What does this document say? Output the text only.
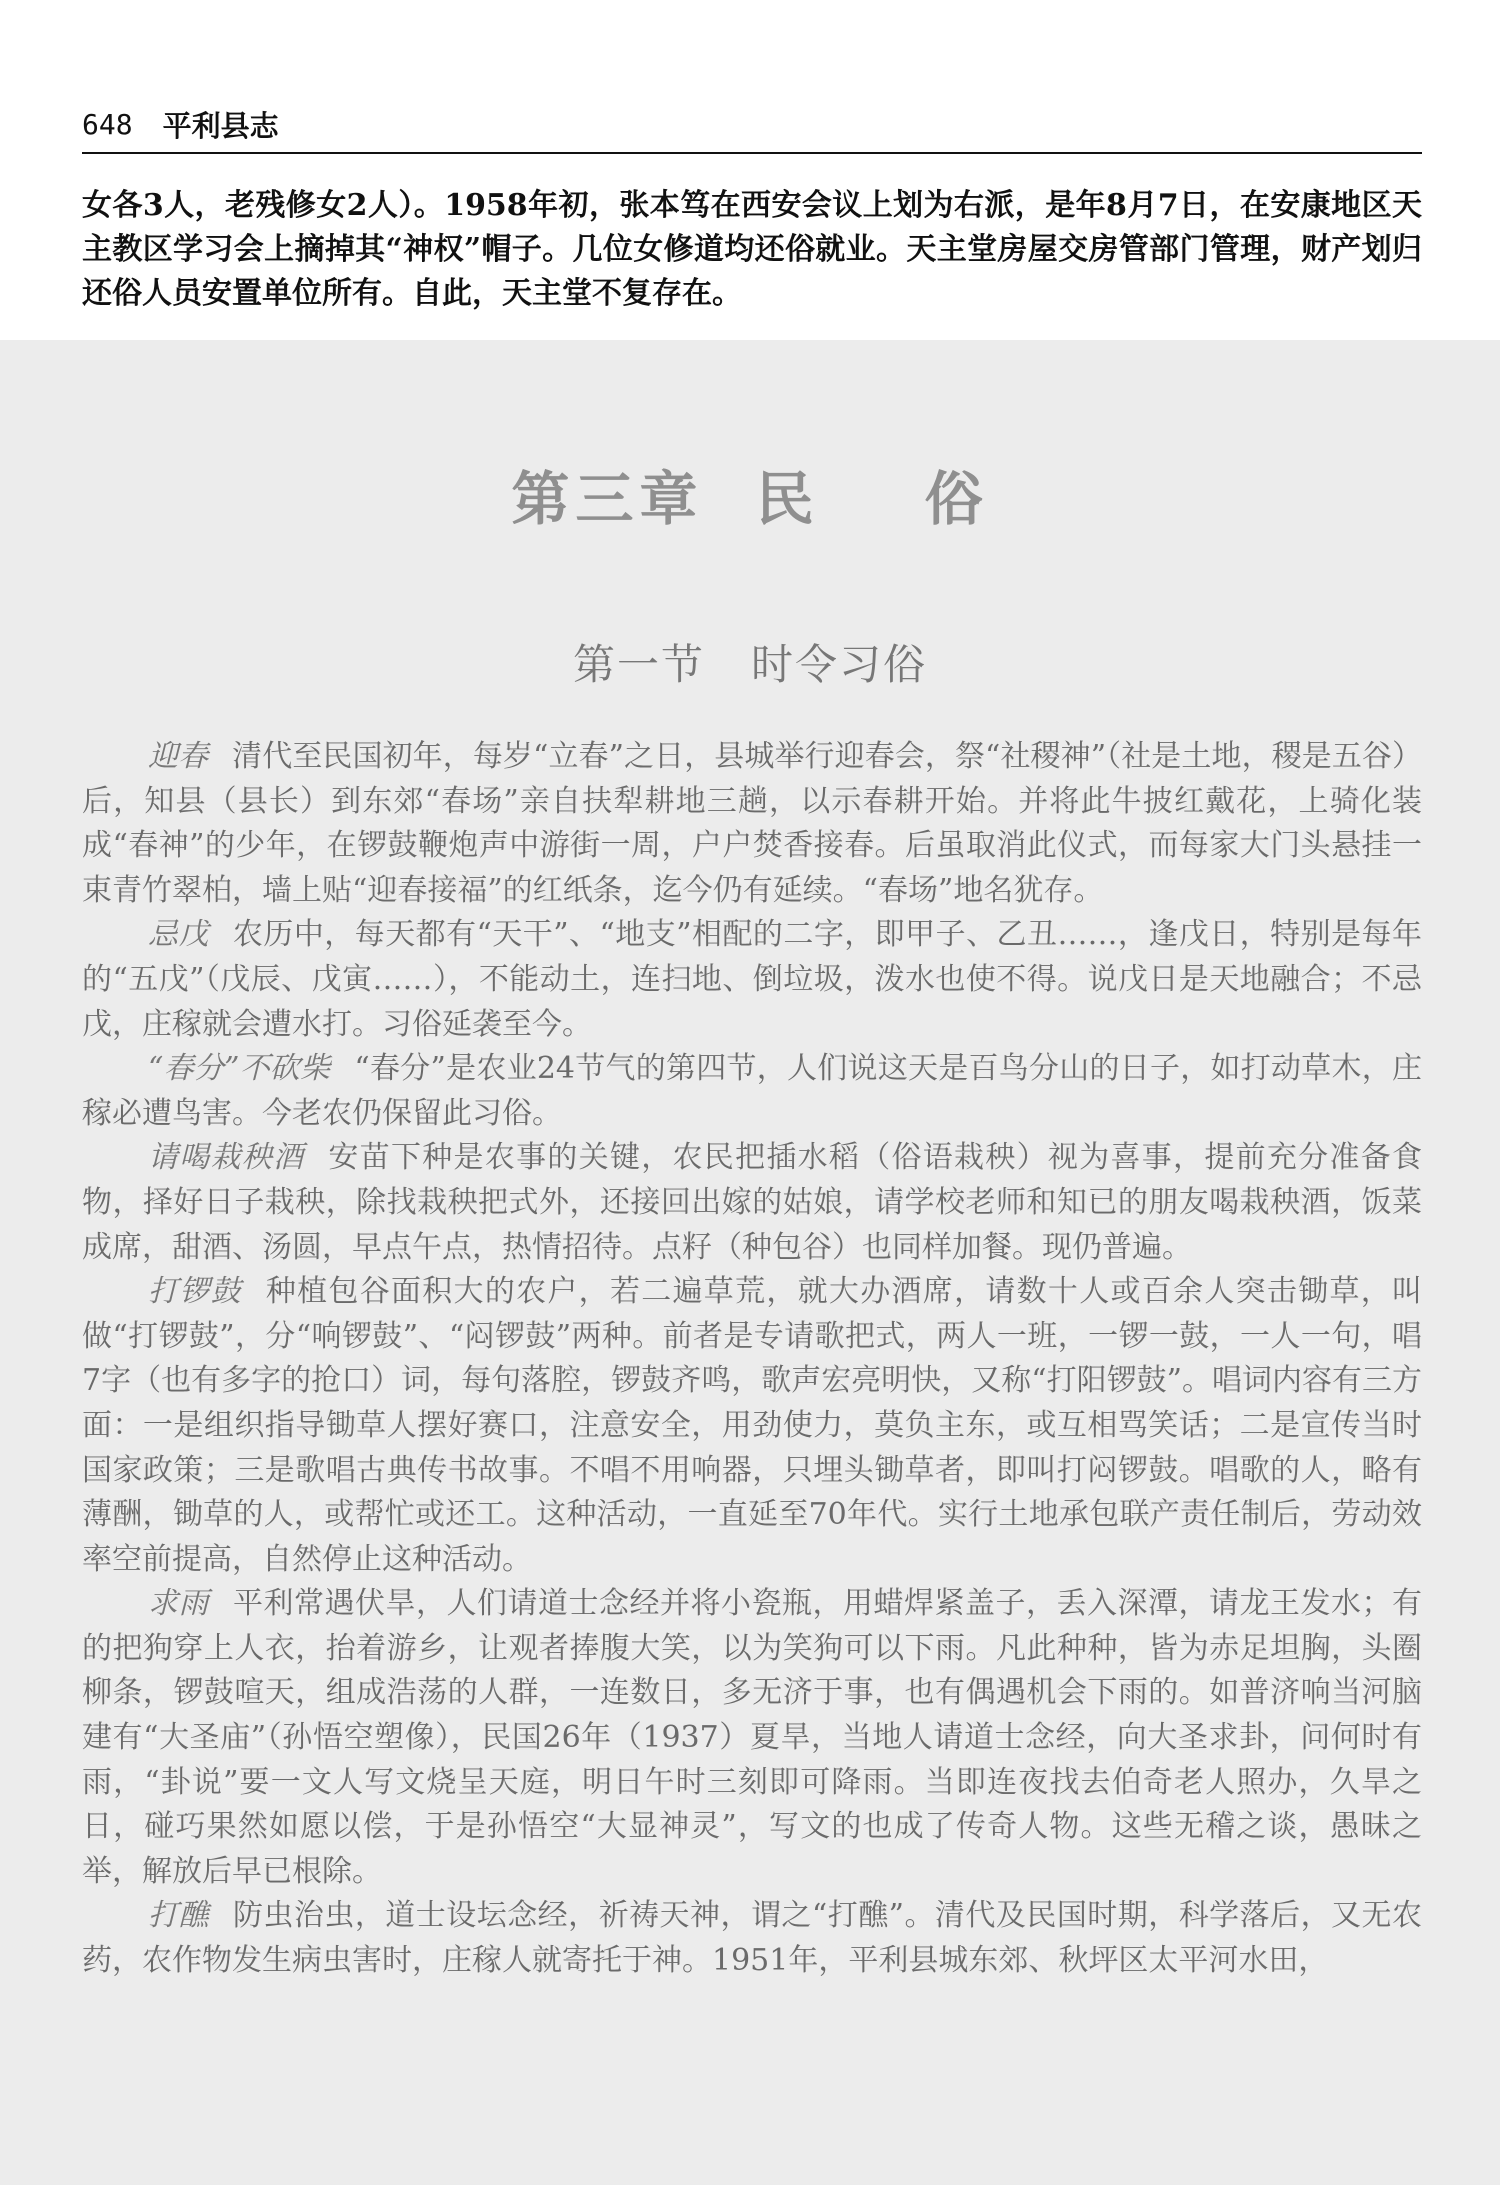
648 平利县志

女各3人，老残修女2人）。1958年初，张本笃在西安会议上划为右派，是年8月7日，在安康地区天主教区学习会上摘掉其“神权”帽子。几位女修道均还俗就业。天主堂房屋交房管部门管理，财产划归还俗人员安置单位所有。自此，天主堂不复存在。

第三章  民    俗
第一节   时令习俗

迎春 清代至民国初年，每岁“立春”之日，县城举行迎春会，祭“社稷神”（社是土地，稷是五谷）后，知县（县长）到东郊“春场”亲自扶犁耕地三趟，以示春耕开始。并将此牛披红戴花，上骑化装成“春神”的少年，在锣鼓鞭炮声中游街一周，户户焚香接春。后虽取消此仪式，而每家大门头悬挂一束青竹翠柏，墙上贴“迎春接福”的红纸条，迄今仍有延续。“春场”地名犹存。

忌戊 农历中，每天都有“天干”、“地支”相配的二字，即甲子、乙丑……，逢戊日，特别是每年的“五戊”（戊辰、戊寅……），不能动土，连扫地、倒垃圾，泼水也使不得。说戊日是天地融合；不忌戊，庄稼就会遭水打。习俗延袭至今。

“春分”不砍柴 “春分”是农业24节气的第四节，人们说这天是百鸟分山的日子，如打动草木，庄稼必遭鸟害。今老农仍保留此习俗。

请喝栽秧酒 安苗下种是农事的关键，农民把插水稻（俗语栽秧）视为喜事，提前充分准备食物，择好日子栽秧，除找栽秧把式外，还接回出嫁的姑娘，请学校老师和知已的朋友喝栽秧酒，饭菜成席，甜酒、汤圆，早点午点，热情招待。点籽（种包谷）也同样加餐。现仍普遍。

打锣鼓 种植包谷面积大的农户，若二遍草荒，就大办酒席，请数十人或百余人突击锄草，叫做“打锣鼓”，分“响锣鼓”、“闷锣鼓”两种。前者是专请歌把式，两人一班，一锣一鼓，一人一句，唱7字（也有多字的抢口）词，每句落腔，锣鼓齐鸣，歌声宏亮明快，又称“打阳锣鼓”。唱词内容有三方面：一是组织指导锄草人摆好赛口，注意安全，用劲使力，莫负主东，或互相骂笑话；二是宣传当时国家政策；三是歌唱古典传书故事。不唱不用响器，只埋头锄草者，即叫打闷锣鼓。唱歌的人，略有薄酬，锄草的人，或帮忙或还工。这种活动，一直延至70年代。实行土地承包联产责任制后，劳动效率空前提高，自然停止这种活动。

求雨 平利常遇伏旱，人们请道士念经并将小瓷瓶，用蜡焊紧盖子，丢入深潭，请龙王发水；有的把狗穿上人衣，抬着游乡，让观者捧腹大笑，以为笑狗可以下雨。凡此种种，皆为赤足坦胸，头圈柳条，锣鼓喧天，组成浩荡的人群，一连数日，多无济于事，也有偶遇机会下雨的。如普济响当河脑建有“大圣庙”（孙悟空塑像），民国26年（1937）夏旱，当地人请道士念经，向大圣求卦，问何时有雨，“卦说”要一文人写文烧呈天庭，明日午时三刻即可降雨。当即连夜找去伯奇老人照办，久旱之日，碰巧果然如愿以偿，于是孙悟空“大显神灵”，写文的也成了传奇人物。这些无稽之谈，愚昧之举，解放后早已根除。

打醮 防虫治虫，道士设坛念经，祈祷天神，谓之“打醮”。清代及民国时期，科学落后，又无农药，农作物发生病虫害时，庄稼人就寄托于神。1951年，平利县城东郊、秋坪区太平河水田，
